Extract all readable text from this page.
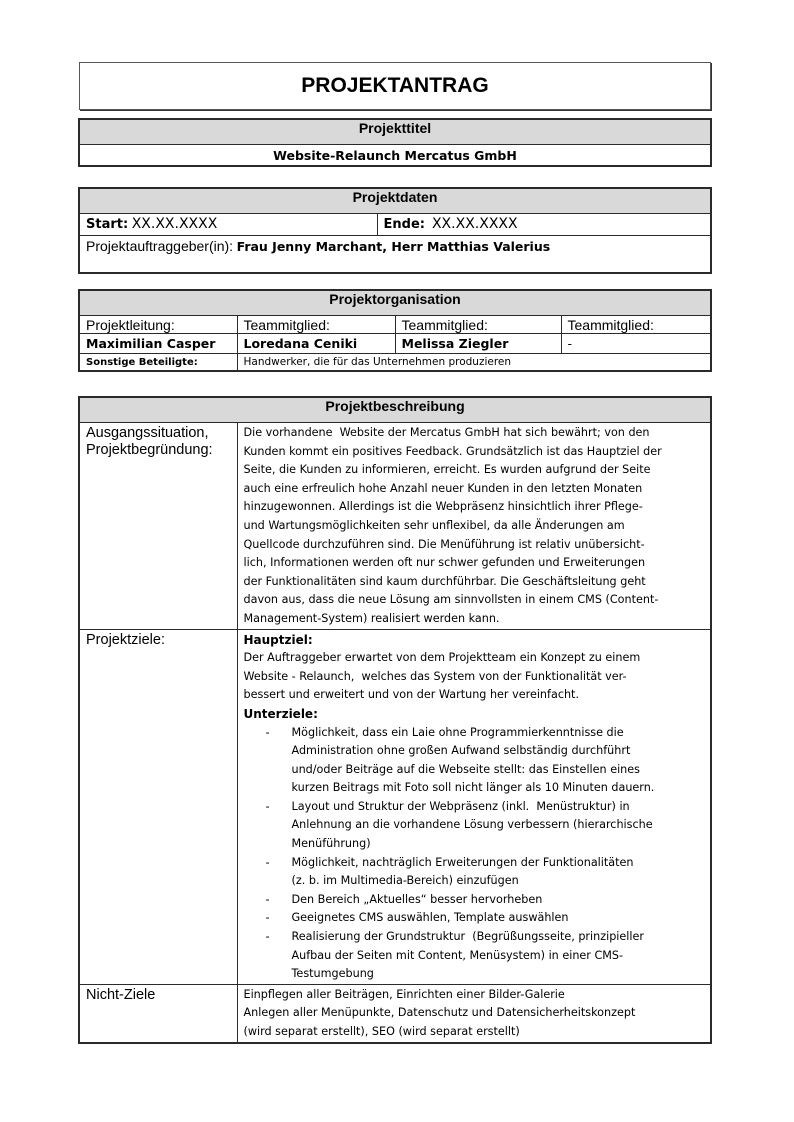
PROJEKTANTRAG
Projekttitel
Website-Relaunch Mercatus GmbH
Projektdaten
Start: XX.XX.XXXX	Ende: XX.XX.XXXX
Projektauftraggeber(in): Frau Jenny Marchant, Herr Matthias Valerius
Projektorganisation			
Projektleitung:	Teammitglied:	Teammitglied:	Teammitglied:
Maximilian Casper	Loredana Ceniki	Melissa Ziegler	-
Sonstige Beteiligte:	Handwerker, die für das Unternehmen produzieren		
Projektbeschreibung	
Ausgangssituation,
Projektbegründung:	
Die vorhandene  Website der Mercatus GmbH hat sich bewährt; von den
Kunden kommt ein positives Feedback. Grundsätzlich ist das Hauptziel der
Seite, die Kunden zu informieren, erreicht. Es wurden aufgrund der Seite
auch eine erfreulich hohe Anzahl neuer Kunden in den letzten Monaten
hinzugewonnen. Allerdings ist die Webpräsenz hinsichtlich ihrer Pflege-
und Wartungsmöglichkeiten sehr unflexibel, da alle Änderungen am
Quellcode durchzuführen sind. Die Menüführung ist relativ unübersicht-
lich, Informationen werden oft nur schwer gefunden und Erweiterungen
der Funktionalitäten sind kaum durchführbar. Die Geschäftsleitung geht
davon aus, dass die neue Lösung am sinnvollsten in einem CMS (Content-
Management-System) realisiert werden kann.

Projektziele:	Hauptziel:
Der Auftraggeber erwartet von dem Projektteam ein Konzept zu einem
Website - Relaunch,  welches das System von der Funktionalität ver-
bessert und erweitert und von der Wartung her vereinfacht.
Unterziele:
- Möglichkeit, dass ein Laie ohne Programmierkenntnisse die
Administration ohne großen Aufwand selbständig durchführt
und/oder Beiträge auf die Webseite stellt: das Einstellen eines
kurzen Beitrags mit Foto soll nicht länger als 10 Minuten dauern.
- Layout und Struktur der Webpräsenz (inkl.  Menüstruktur) in
Anlehnung an die vorhandene Lösung verbessern (hierarchische
Menüführung)
- Möglichkeit, nachträglich Erweiterungen der Funktionalitäten
(z. b. im Multimedia-Bereich) einzufügen
- Den Bereich „Aktuelles“ besser hervorheben
- Geeignetes CMS auswählen, Template auswählen
- Realisierung der Grundstruktur  (Begrüßungsseite, prinzipieller
Aufbau der Seiten mit Content, Menüsystem) in einer CMS-
Testumgebung

Nicht-Ziele	Einpflegen aller Beiträgen, Einrichten einer Bilder-Galerie
Anlegen aller Menüpunkte, Datenschutz und Datensicherheitskonzept
(wird separat erstellt), SEO (wird separat erstellt)
